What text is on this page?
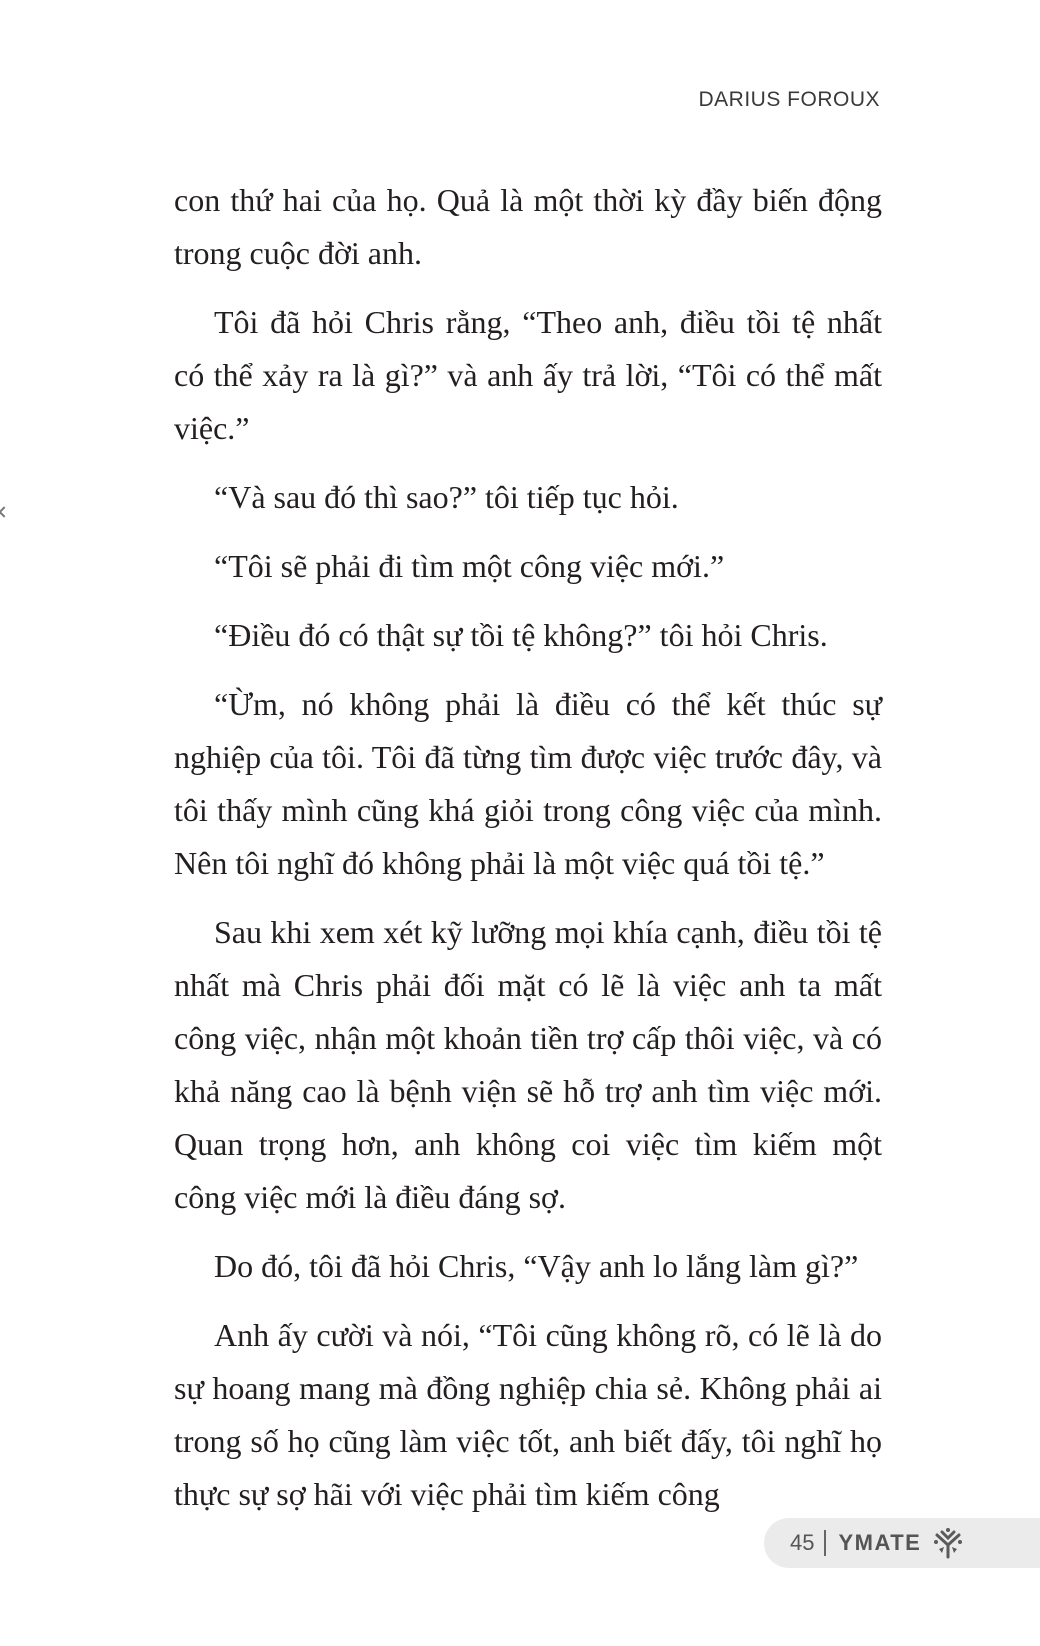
DARIUS FOROUX

con thứ hai của họ. Quả là một thời kỳ đầy biến động trong cuộc đời anh.

Tôi đã hỏi Chris rằng, “Theo anh, điều tồi tệ nhất có thể xảy ra là gì?” và anh ấy trả lời, “Tôi có thể mất việc.”

“Và sau đó thì sao?” tôi tiếp tục hỏi.

“Tôi sẽ phải đi tìm một công việc mới.”

“Điều đó có thật sự tồi tệ không?” tôi hỏi Chris.

“Ừm, nó không phải là điều có thể kết thúc sự nghiệp của tôi. Tôi đã từng tìm được việc trước đây, và tôi thấy mình cũng khá giỏi trong công việc của mình. Nên tôi nghĩ đó không phải là một việc quá tồi tệ.”

Sau khi xem xét kỹ lưỡng mọi khía cạnh, điều tồi tệ nhất mà Chris phải đối mặt có lẽ là việc anh ta mất công việc, nhận một khoản tiền trợ cấp thôi việc, và có khả năng cao là bệnh viện sẽ hỗ trợ anh tìm việc mới. Quan trọng hơn, anh không coi việc tìm kiếm một công việc mới là điều đáng sợ.

Do đó, tôi đã hỏi Chris, “Vậy anh lo lắng làm gì?”

Anh ấy cười và nói, “Tôi cũng không rõ, có lẽ là do sự hoang mang mà đồng nghiệp chia sẻ. Không phải ai trong số họ cũng làm việc tốt, anh biết đấy, tôi nghĩ họ thực sự sợ hãi với việc phải tìm kiếm công

45 YMATE
